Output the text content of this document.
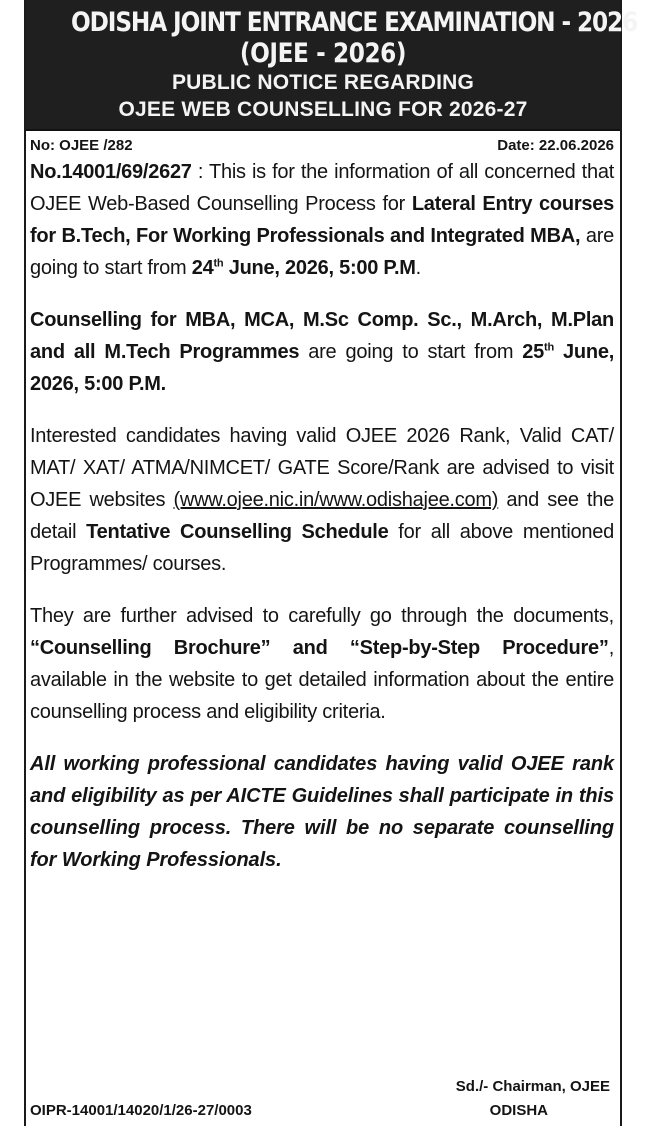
ODISHA JOINT ENTRANCE EXAMINATION - 2026
(OJEE - 2026)
PUBLIC NOTICE REGARDING
OJEE WEB COUNSELLING FOR 2026-27
No: OJEE /282	Date: 22.06.2026

No.14001/69/2627 : This is for the information of all concerned that OJEE Web-Based Counselling Process for Lateral Entry courses for B.Tech, For Working Professionals and Integrated MBA, are going to start from 24th June, 2026, 5:00 P.M.

Counselling for MBA, MCA, M.Sc Comp. Sc., M.Arch, M.Plan and all M.Tech Programmes are going to start from 25th June, 2026, 5:00 P.M.

Interested candidates having valid OJEE 2026 Rank, Valid CAT/ MAT/ XAT/ ATMA/NIMCET/ GATE Score/Rank are advised to visit OJEE websites (www.ojee.nic.in/www.odishajee.com) and see the detail Tentative Counselling Schedule for all above mentioned Programmes/ courses.

They are further advised to carefully go through the documents, “Counselling Brochure” and “Step-by-Step Procedure”, available in the website to get detailed information about the entire counselling process and eligibility criteria.

All working professional candidates having valid OJEE rank and eligibility as per AICTE Guidelines shall participate in this counselling process. There will be no separate counselling for Working Professionals.

Sd./- Chairman, OJEE
OIPR-14001/14020/1/26-27/0003	ODISHA
